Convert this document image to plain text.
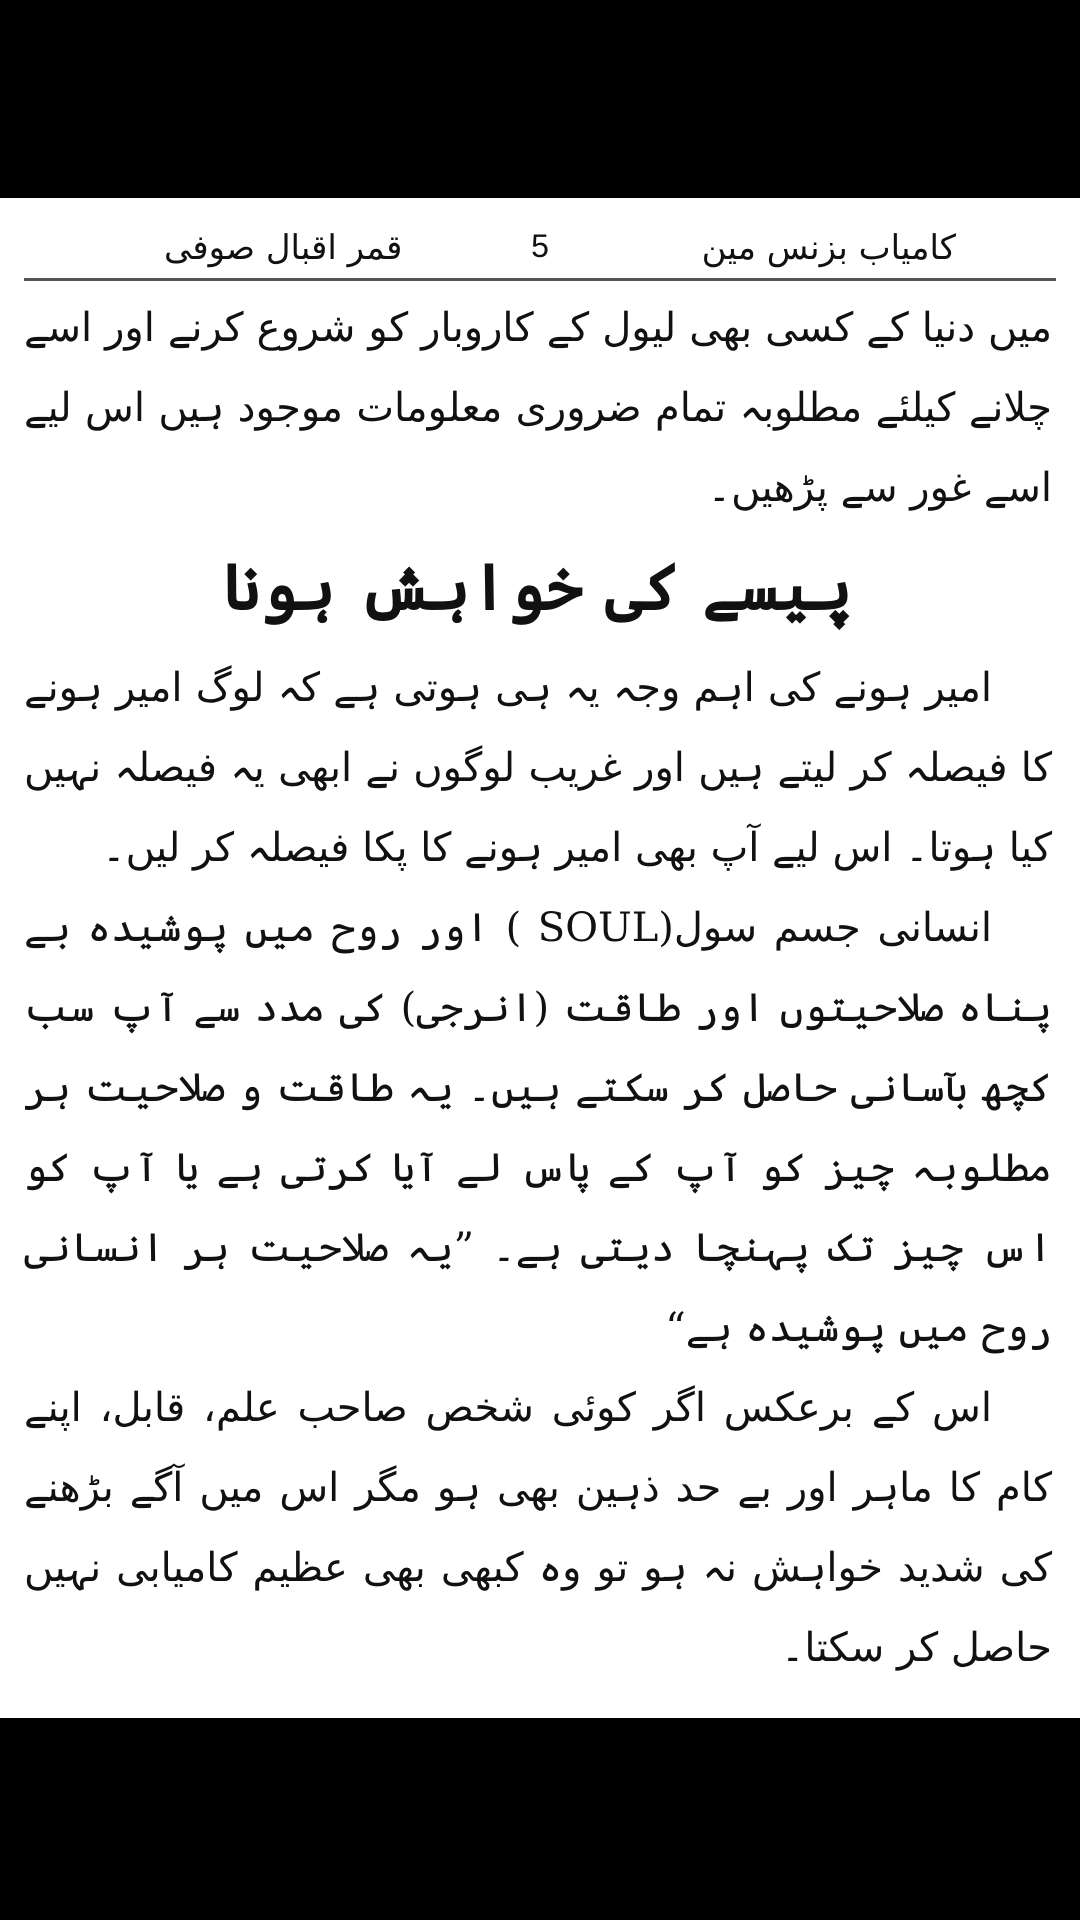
کامیاب بزنس مین
5
قمر اقبال صوفی

میں دنیا کے کسی بھی لیول کے کاروبار کو شروع کرنے اور اسے چلانے کیلئے مطلوبہ تمام ضروری معلومات موجود ہیں اس لیے اسے غور سے پڑھیں۔

پیسے کی خواہش ہونا

امیر ہونے کی اہم وجہ یہ ہی ہوتی ہے کہ لوگ امیر ہونے کا فیصلہ کر لیتے ہیں اور غریب لوگوں نے ابھی یہ فیصلہ نہیں کیا ہوتا۔ اس لیے آپ بھی امیر ہونے کا پکا فیصلہ کر لیں۔

انسانی جسم سول(SOUL ) اور روح میں پوشیدہ بے پناہ صلاحیتوں اور طاقت (انرجی) کی مدد سے آپ سب کچھ بآسانی حاصل کر سکتے ہیں۔ یہ طاقت و صلاحیت ہر مطلوبہ چیز کو آپ کے پاس لے آیا کرتی ہے یا آپ کو اس چیز تک پہنچا دیتی ہے۔ ”یہ صلاحیت ہر انسانی روح میں پوشیدہ ہے“

اس کے برعکس اگر کوئی شخص صاحب علم، قابل، اپنے کام کا ماہر اور بے حد ذہین بھی ہو مگر اس میں آگے بڑھنے کی شدید خواہش نہ ہو تو وہ کبھی بھی عظیم کامیابی نہیں حاصل کر سکتا۔
